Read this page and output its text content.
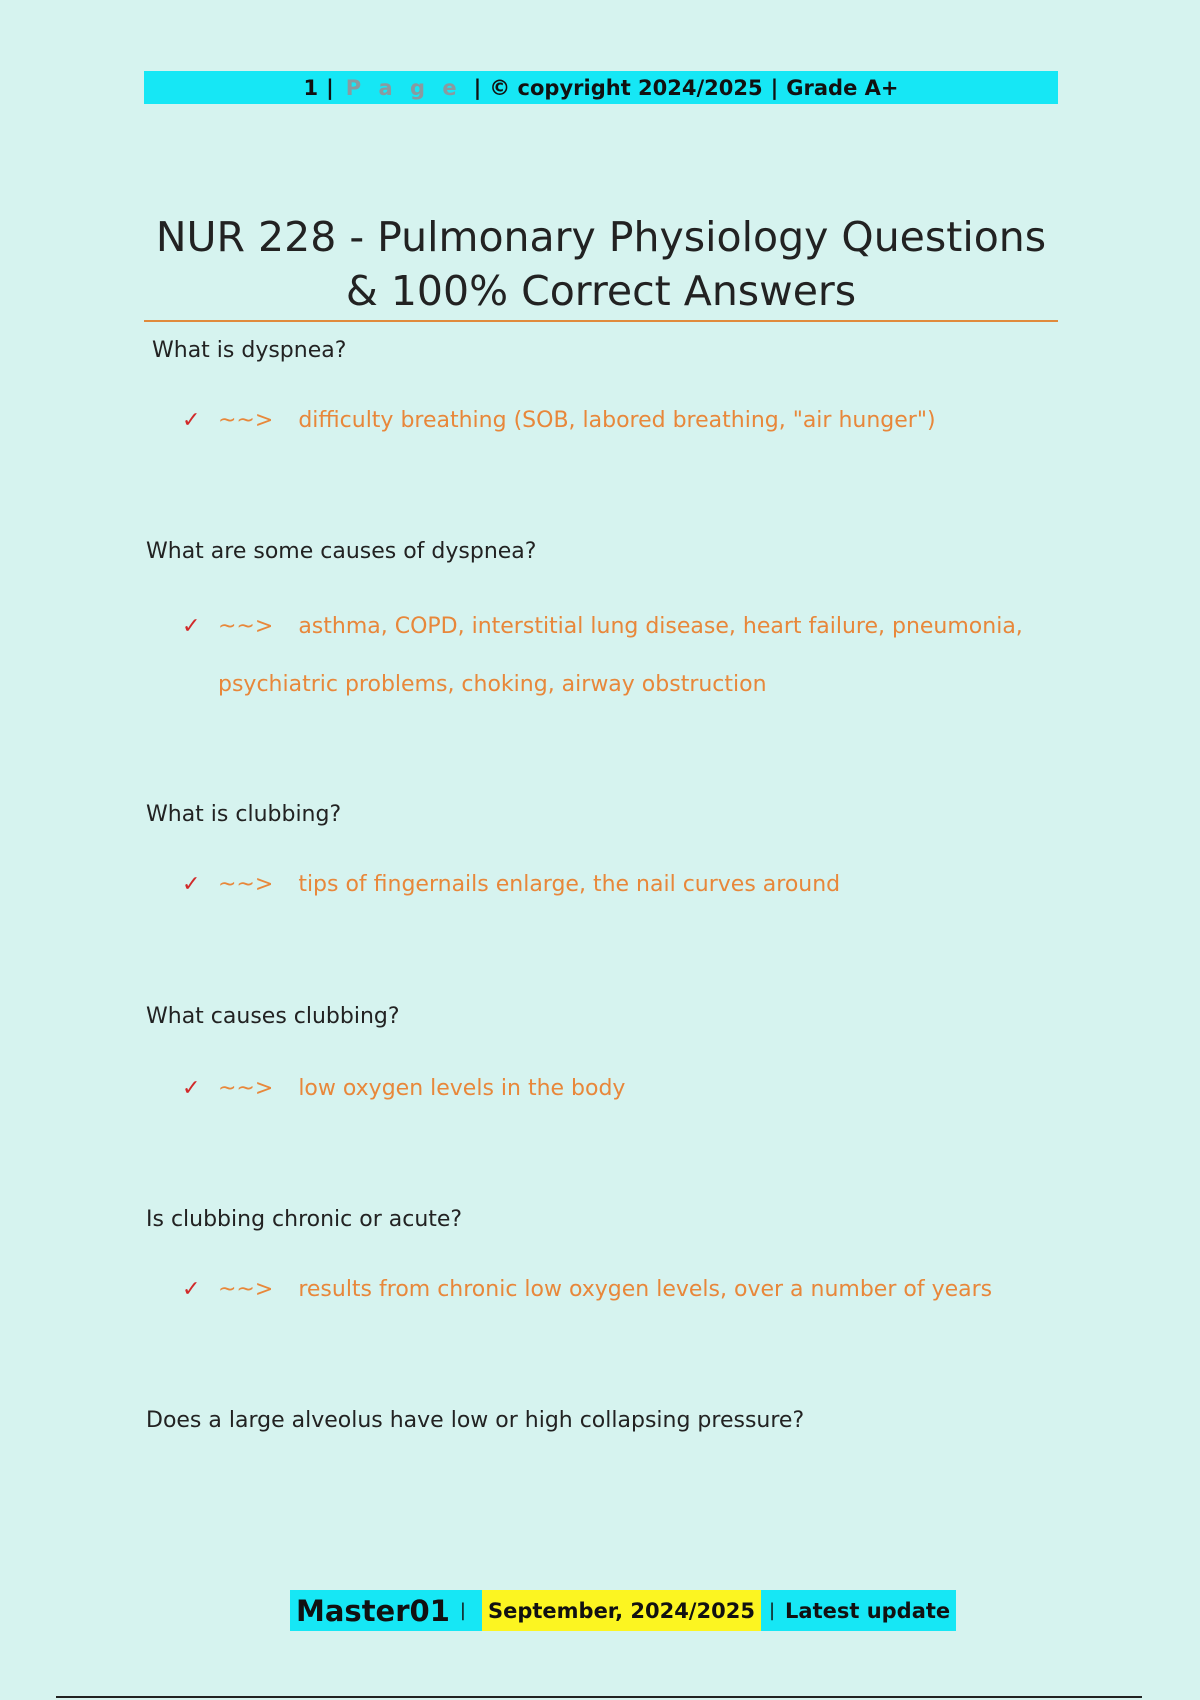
1 | P a g e | © copyright 2024/2025 | Grade A+
NUR 228 - Pulmonary Physiology Questions
& 100% Correct Answers

What is dyspnea?

✓ ~~> difficulty breathing (SOB, labored breathing, "air hunger")

What are some causes of dyspnea?

✓ ~~> asthma, COPD, interstitial lung disease, heart failure, pneumonia, psychiatric problems, choking, airway obstruction

What is clubbing?

✓ ~~> tips of fingernails enlarge, the nail curves around

What causes clubbing?

✓ ~~> low oxygen levels in the body

Is clubbing chronic or acute?

✓ ~~> results from chronic low oxygen levels, over a number of years

Does a large alveolus have low or high collapsing pressure?

Master01 | September, 2024/2025 | Latest update
